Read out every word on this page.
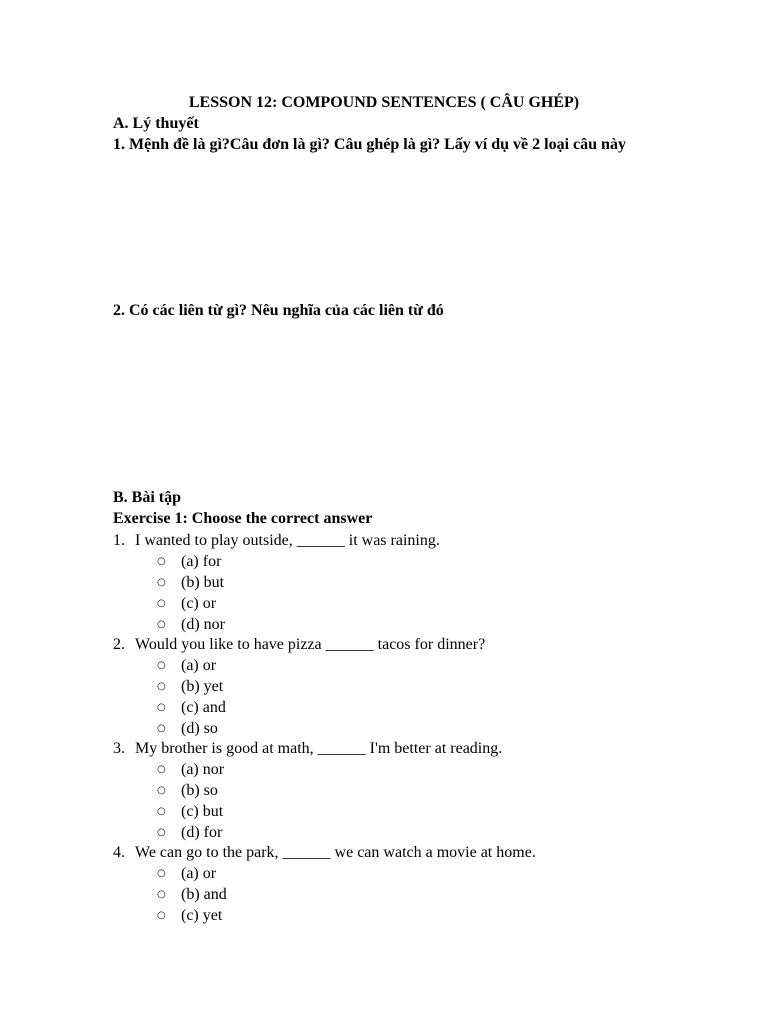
LESSON 12: COMPOUND SENTENCES ( CÂU GHÉP)
A. Lý thuyết
1. Mệnh đề là gì?Câu đơn là gì? Câu ghép là gì? Lấy ví dụ về 2 loại câu này
2. Có các liên từ gì? Nêu nghĩa của các liên từ đó
B. Bài tập
Exercise 1: Choose the correct answer
1. I wanted to play outside, ______ it was raining.
○ (a) for
○ (b) but
○ (c) or
○ (d) nor
2. Would you like to have pizza ______ tacos for dinner?
○ (a) or
○ (b) yet
○ (c) and
○ (d) so
3. My brother is good at math, ______ I'm better at reading.
○ (a) nor
○ (b) so
○ (c) but
○ (d) for
4. We can go to the park, ______ we can watch a movie at home.
○ (a) or
○ (b) and
○ (c) yet
